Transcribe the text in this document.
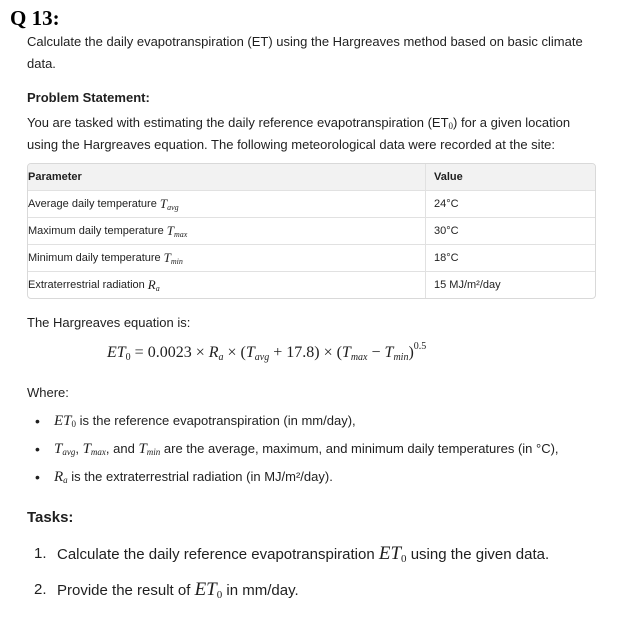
Q 13:

Calculate the daily evapotranspiration (ET) using the Hargreaves method based on basic climate data.

Problem Statement:

You are tasked with estimating the daily reference evapotranspiration $(ET_0)$ for a given location using the Hargreaves equation. The following meteorological data were recorded at the site:

Parameter	Value
Average daily temperature $T_{avg}$	24°C
Maximum daily temperature $T_{max}$	30°C
Minimum daily temperature $T_{min}$	18°C
Extraterrestrial radiation $R_a$	15 MJ/m²/day

The Hargreaves equation is:

Where:
• $ET_0$ is the reference evapotranspiration (in mm/day),
• $T_{avg}$, $T_{max}$, and $T_{min}$ are the average, maximum, and minimum daily temperatures (in °C),
• $R_a$ is the extraterrestrial radiation (in MJ/m²/day).

Tasks:

1. Calculate the daily reference evapotranspiration $ET_0$ using the given data.
2. Provide the result of $ET_0$ in mm/day.
$ET_0 = 0.0023 \times R_a \times (T_{avg} + 17.8) \times (T_{max} - T_{min})^{0.5}$
